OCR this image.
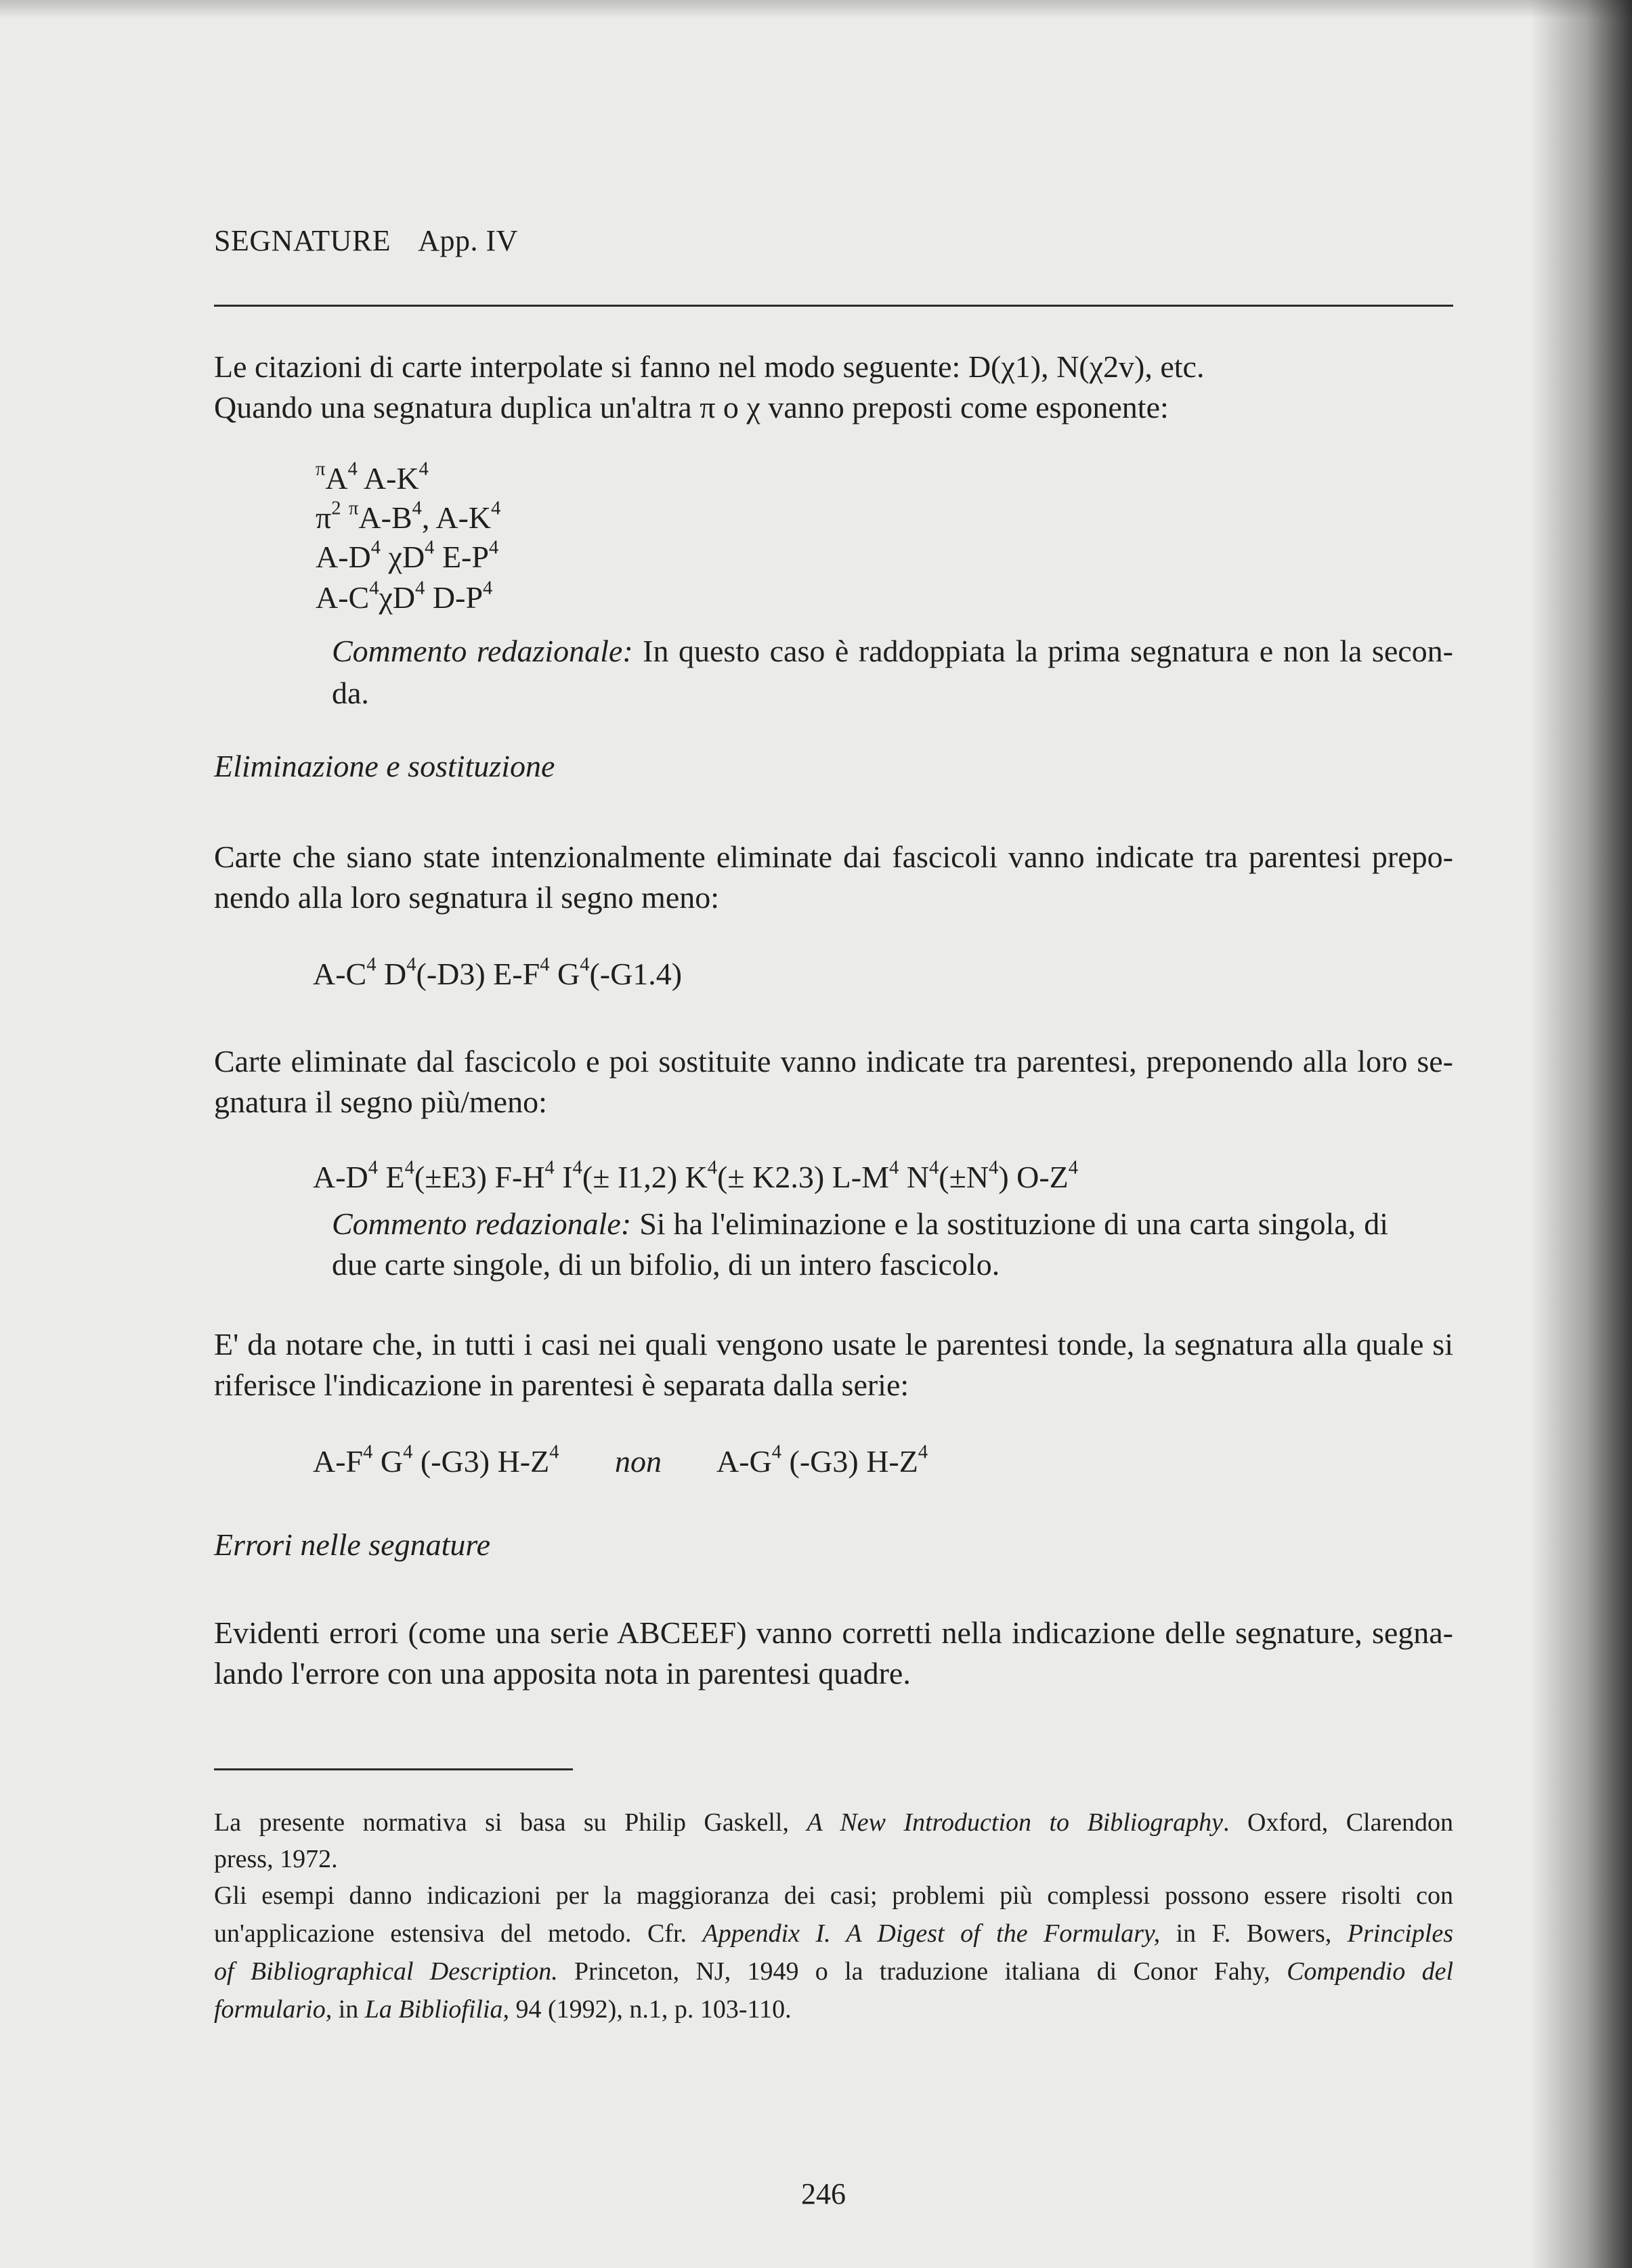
SEGNATURE App. IV
Le citazioni di carte interpolate si fanno nel modo seguente: D(χ1), N(χ2v), etc.
Quando una segnatura duplica un'altra π o χ vanno preposti come esponente:
$^\pi A^4$ $A-K^4$
$\pi^2$ $^\pi A-B^4$, $A-K^4$
$A-D^4$ $\chi D^4$ $E-P^4$
$A-C^4\chi D^4$ $D-P^4$
Commento redazionale: In questo caso è raddoppiata la prima segnatura e non la secon-
da.
Eliminazione e sostituzione
Carte che siano state intenzionalmente eliminate dai fascicoli vanno indicate tra parentesi prepo-
nendo alla loro segnatura il segno meno:
$A-C^4$ $D^4(-D3)$ $E-F^4$ $G^4(-G1.4)$
Carte eliminate dal fascicolo e poi sostituite vanno indicate tra parentesi, preponendo alla loro se-
gnatura il segno più/meno:
$A-D^4$ $E^4(\pm E3)$ $F-H^4$ $I^4(\pm I1,2)$ $K^4(\pm K2.3)$ $L-M^4$ $N^4(\pm N^4)$ $O-Z^4$
Commento redazionale: Si ha l'eliminazione e la sostituzione di una carta singola, di
due carte singole, di un bifolio, di un intero fascicolo.
E' da notare che, in tutti i casi nei quali vengono usate le parentesi tonde, la segnatura alla quale si
riferisce l'indicazione in parentesi è separata dalla serie:
$A-F^4$ $G^4$ (-G3) $H-Z^4$ non $A-G^4$ (-G3) $H-Z^4$
Errori nelle segnature
Evidenti errori (come una serie ABCEEF) vanno corretti nella indicazione delle segnature, segna-
lando l'errore con una apposita nota in parentesi quadre.
La presente normativa si basa su Philip Gaskell, A New Introduction to Bibliography. Oxford, Clarendon
press, 1972.
Gli esempi danno indicazioni per la maggioranza dei casi; problemi più complessi possono essere risolti con
un'applicazione estensiva del metodo. Cfr. Appendix I. A Digest of the Formulary, in F. Bowers, Principles
of Bibliographical Description. Princeton, NJ, 1949 o la traduzione italiana di Conor Fahy, Compendio del
formulario, in La Bibliofilia, 94 (1992), n.1, p. 103-110.
246
